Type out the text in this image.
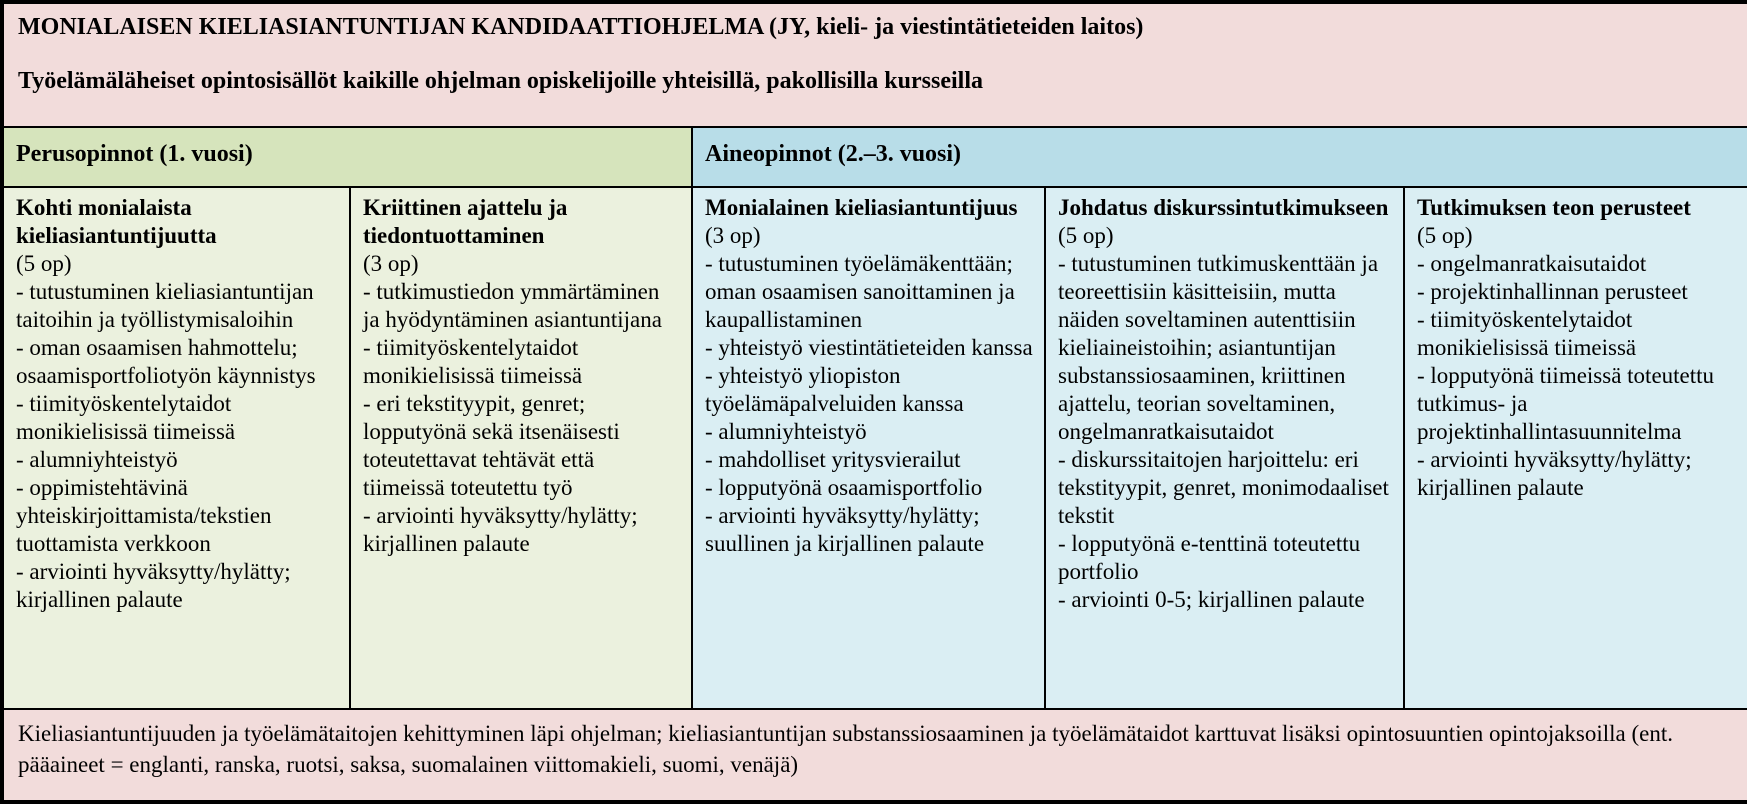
MONIALAISEN KIELIASIANTUNTIJAN KANDIDAATTIOHJELMA (JY, kieli- ja viestintätieteiden laitos)
Työelämäläheiset opintosisällöt kaikille ohjelman opiskelijoille yhteisillä, pakollisilla kursseilla				

Perusopinnot (1. vuosi)		Aineopinnot (2.–3. vuosi)		

Kohti monialaista kieliasiantuntijuutta
(5 op)
- tutustuminen kieliasiantuntijan taitoihin ja työllistymisaloihin
- oman osaamisen hahmottelu; osaamisportfoliotyön käynnistys
- tiimityöskentelytaidot monikielisissä tiimeissä
- alumniyhteistyö
- oppimistehtävinä yhteiskirjoittamista/tekstien tuottamista verkkoon
- arviointi hyväksytty/hylätty; kirjallinen palaute

Kriittinen ajattelu ja tiedontuottaminen
(3 op)
- tutkimustiedon ymmärtäminen ja hyödyntäminen asiantuntijana
- tiimityöskentelytaidot monikielisissä tiimeissä
- eri tekstityypit, genret; lopputyönä sekä itsenäisesti toteutettavat tehtävät että tiimeissä toteutettu työ
- arviointi hyväksytty/hylätty; kirjallinen palaute

Monialainen kieliasiantuntijuus
(3 op)
- tutustuminen työelämäkenttään; oman osaamisen sanoittaminen ja kaupallistaminen
- yhteistyö viestintätieteiden kanssa
- yhteistyö yliopiston työelämäpalveluiden kanssa
- alumniyhteistyö
- mahdolliset yritysvierailut
- lopputyönä osaamisportfolio
- arviointi hyväksytty/hylätty; suullinen ja kirjallinen palaute

Johdatus diskurssintutkimukseen
(5 op)
- tutustuminen tutkimuskenttään ja teoreettisiin käsitteisiin, mutta näiden soveltaminen autenttisiin kieliaineistoihin; asiantuntijan substanssiosaaminen, kriittinen ajattelu, teorian soveltaminen, ongelmanratkaisutaidot
- diskurssitaitojen harjoittelu: eri tekstityypit, genret, monimodaaliset tekstit
- lopputyönä e-tenttinä toteutettu portfolio
- arviointi 0-5; kirjallinen palaute

Tutkimuksen teon perusteet
(5 op)
- ongelmanratkaisutaidot
- projektinhallinnan perusteet
- tiimityöskentelytaidot monikielisissä tiimeissä
- lopputyönä tiimeissä toteutettu tutkimus- ja projektinhallintasuunnitelma
- arviointi hyväksytty/hylätty; kirjallinen palaute

Kieliasiantuntijuuden ja työelämätaitojen kehittyminen läpi ohjelman; kieliasiantuntijan substanssiosaaminen ja työelämätaidot karttuvat lisäksi opintosuuntien opintojaksoilla (ent. pääaineet = englanti, ranska, ruotsi, saksa, suomalainen viittomakieli, suomi, venäjä)				
